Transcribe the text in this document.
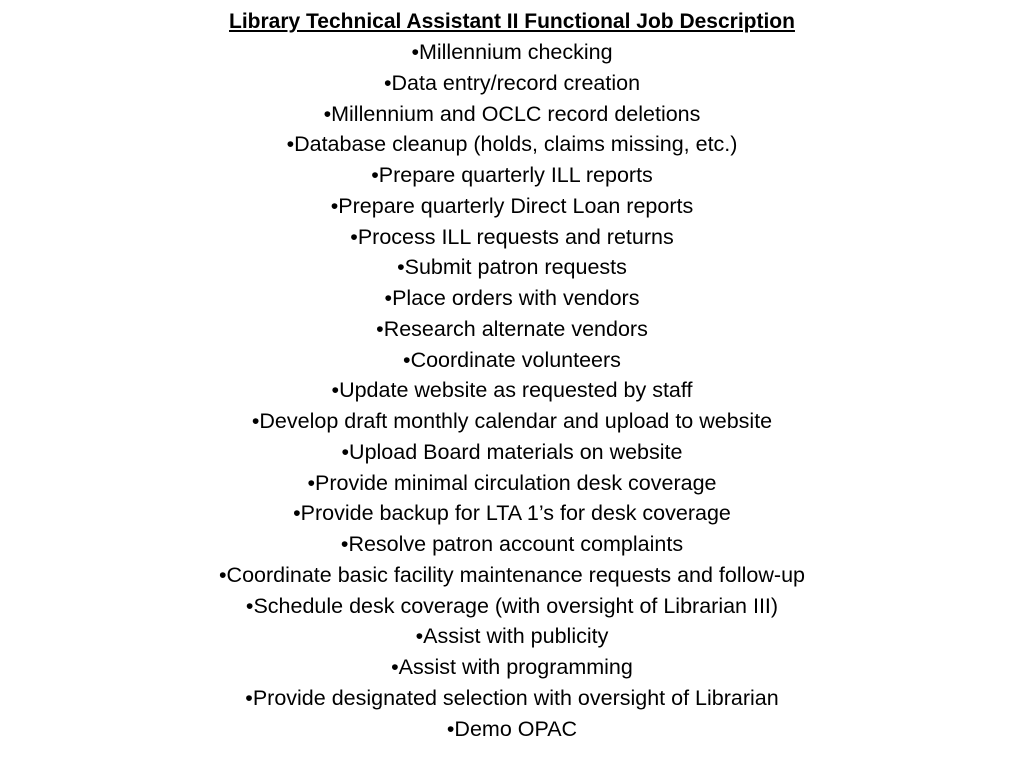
Library Technical Assistant II Functional Job Description
•Millennium checking
•Data entry/record creation
•Millennium and OCLC record deletions
•Database cleanup (holds, claims missing, etc.)
•Prepare quarterly ILL reports
•Prepare quarterly Direct Loan reports
•Process ILL requests and returns
•Submit patron requests
•Place orders with vendors
•Research alternate vendors
•Coordinate volunteers
•Update website as requested by staff
•Develop draft monthly calendar and upload to website
•Upload Board materials on website
•Provide minimal circulation desk coverage
•Provide backup for LTA 1’s for desk coverage
•Resolve patron account complaints
•Coordinate basic facility maintenance requests and follow-up
•Schedule desk coverage (with oversight of Librarian III)
•Assist with publicity
•Assist with programming
•Provide designated selection with oversight of Librarian
•Demo OPAC
